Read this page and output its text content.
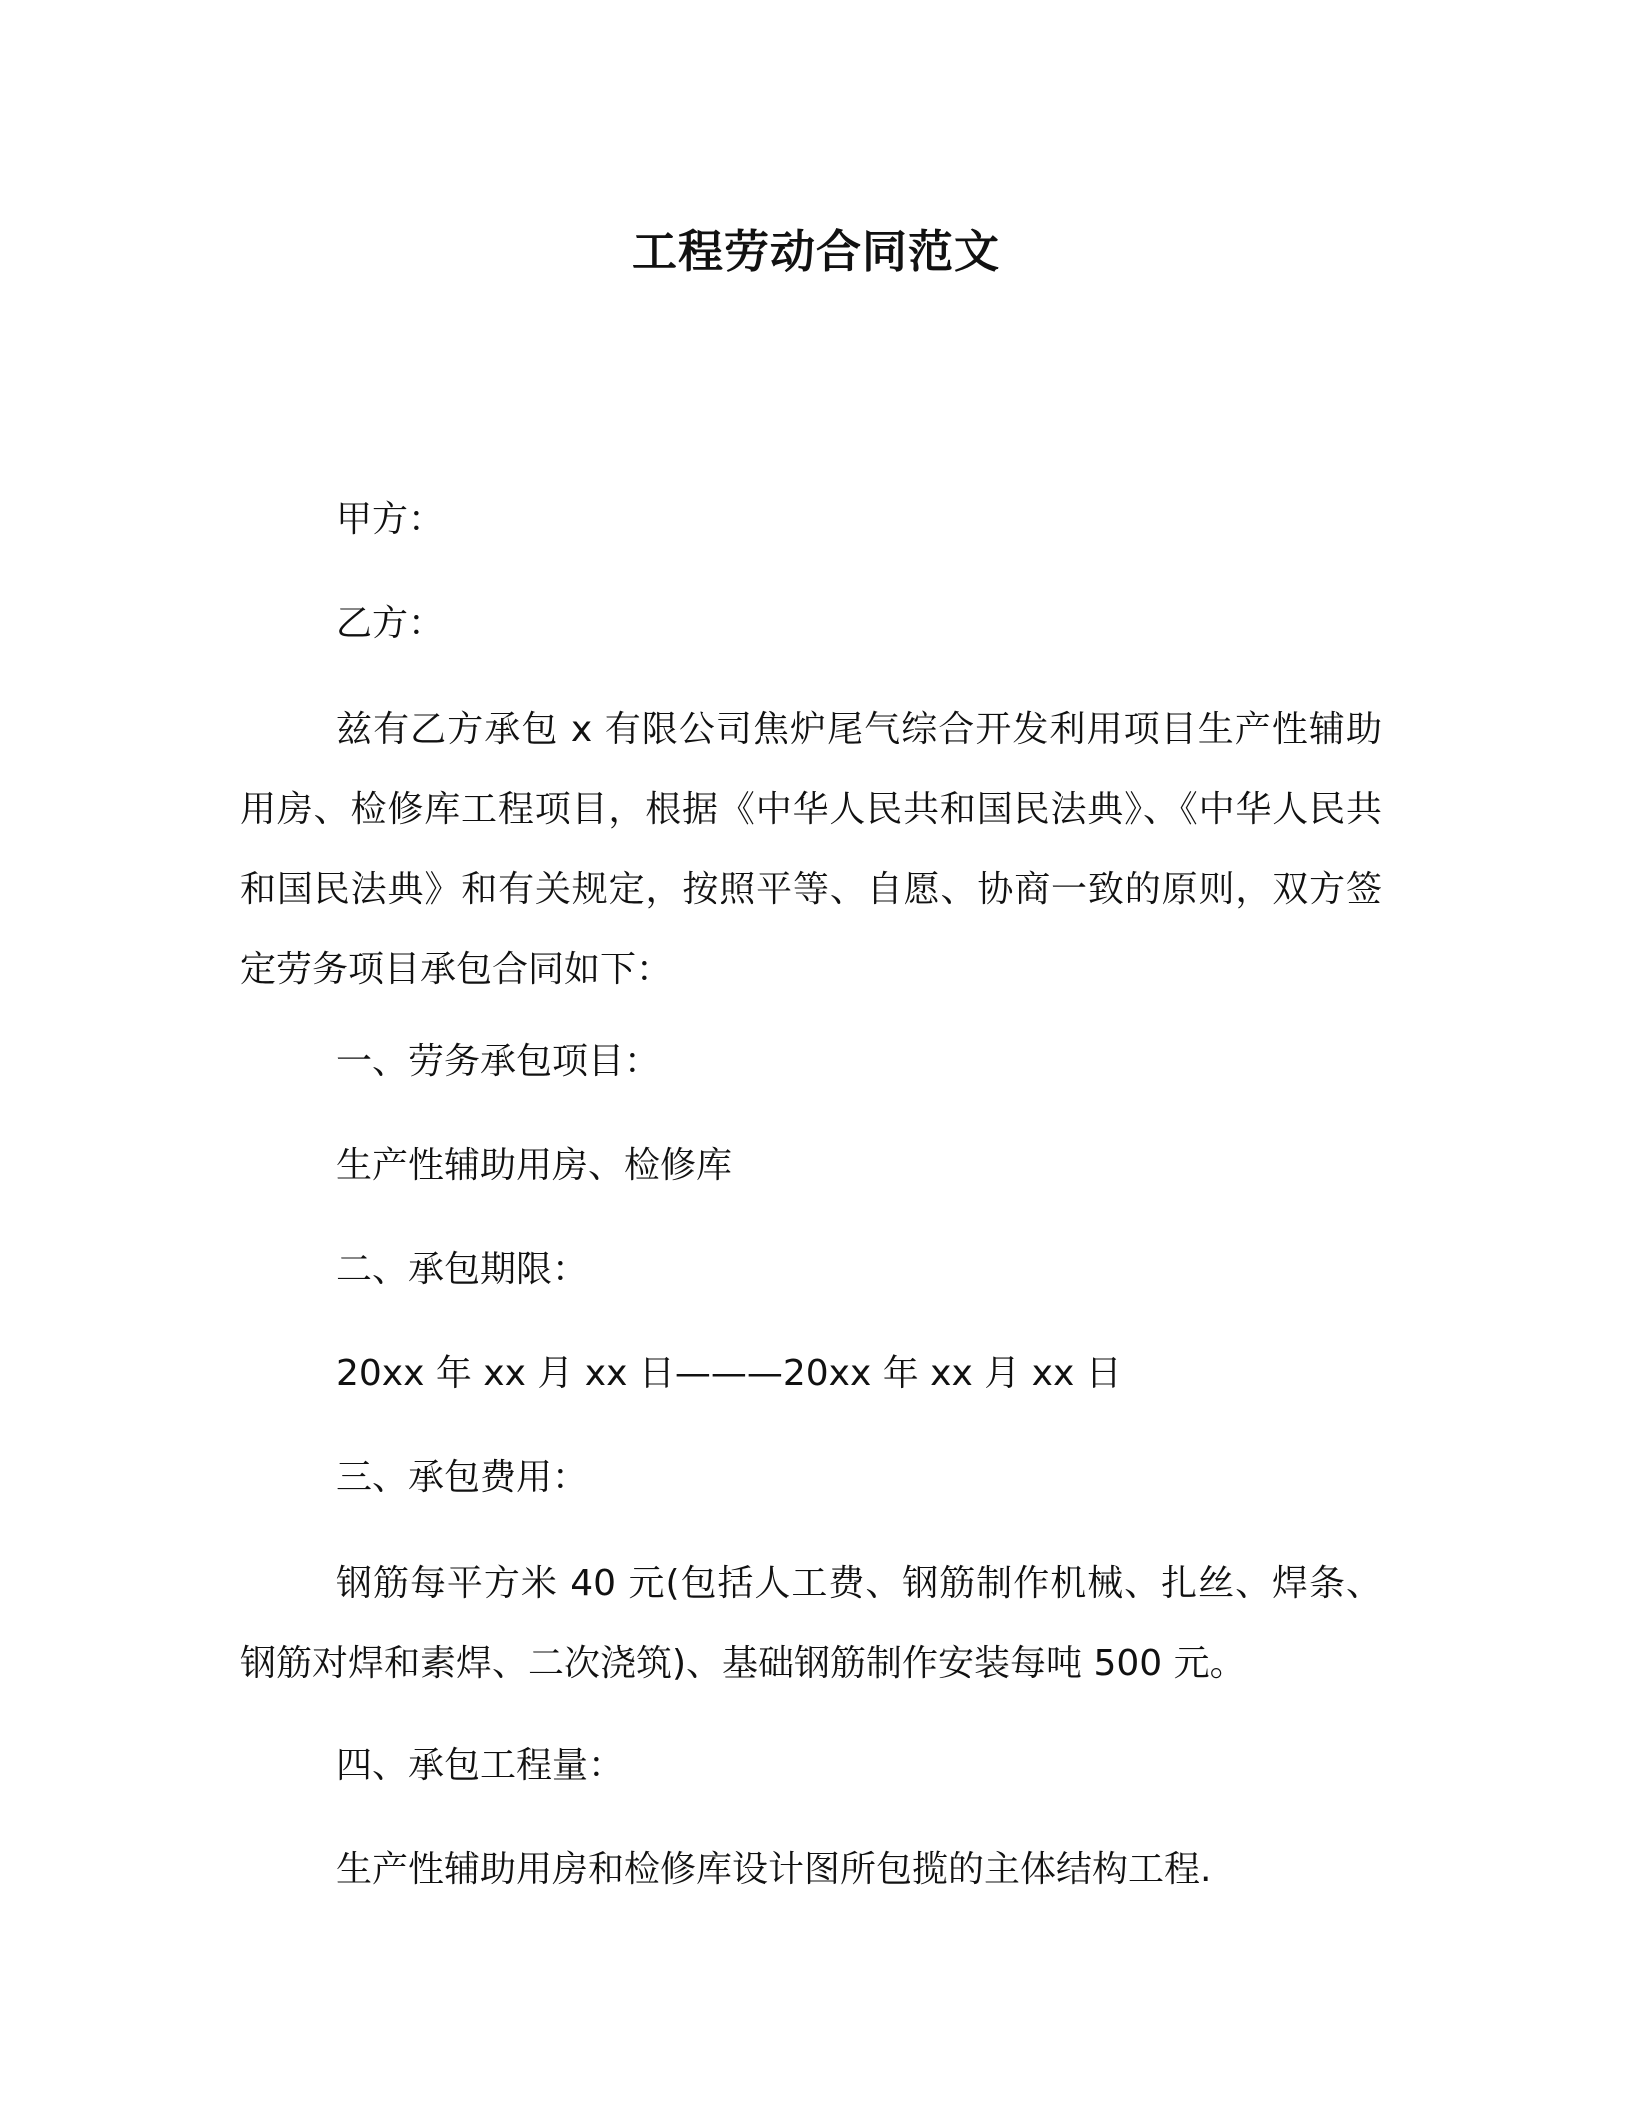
工程劳动合同范文
甲方：
乙方：
兹有乙方承包 x 有限公司焦炉尾气综合开发利用项目生产性辅助用房、检修库工程项目，根据《中华人民共和国民法典》、《中华人民共和国民法典》和有关规定，按照平等、自愿、协商一致的原则，双方签定劳务项目承包合同如下：
一、劳务承包项目：
生产性辅助用房、检修库
二、承包期限：
20xx 年 xx 月 xx 日———20xx 年 xx 月 xx 日
三、承包费用：
钢筋每平方米 40 元(包括人工费、钢筋制作机械、扎丝、焊条、钢筋对焊和素焊、二次浇筑)、基础钢筋制作安装每吨 500 元。
四、承包工程量：
生产性辅助用房和检修库设计图所包揽的主体结构工程.
